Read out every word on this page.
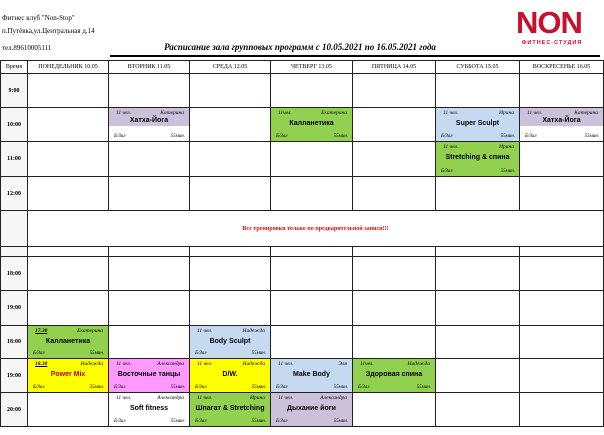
Фитнес клуб "Non-Stop"
п.Путёвка,ул.Центральная д.14
тел.89610005111
NON
ФИТНЕС-СТУДИЯ
Расписание зала групповых программ с 10.05.2021 по 16.05.2021 года
Время	ПОНЕДЕЛЬНИК 10.05	ВТОРНИК 11.05	СРЕДА 12.05	ЧЕТВЕРГ 13.05	ПЯТНИЦА 14.05	СУББОТА 15.05	ВОСКРЕСЕНЬЕ 16.05
9:00							
10:00		11 чел. Катерина
Хатха-Йога
Б/Зал 55мин.		11чел. Екатерина
Калланетика
Б/Зал 55мин.		11 чел. Ирина
Super Sculpt
Б/Зал 55мин.	11 чел. Катерина
Хатха-Йога
Б/Зал 55мин.

11:00						11 чел. Ирина
Stretching & спина
Б/Зал 55мин.	

12:00							
	Все тренировки только по предварительной записи!!!						

18:00							
19:00							
18:00	17.30 Екатерина
Калланетика
Б/Зал 55мин.		11 чел. Надежда
Body Sculpt
Б/Зал 55мин.				

19:00	18.30 Надежда
Power Mix
Б/Зал 55мин.	11 чел. Александра
Восточные танцы
Б/Зал 55мин.	11 чел. Надежда
D/W.
Б/Зал 55мин.	11 чел. Эля
Make Body
Б/Зал 55мин.	11чел. Надежда
Здоровая спина
Б/Зал 55мин.		

20:00		11 чел. Александра
Soft fitness
Б/Зал 55мин.	11 чел. Ирина
Шпагат & Stretching
Б/Зал 55мин.	11 чел. Александра
Дыхание йоги
Б/Зал 55мин.			
